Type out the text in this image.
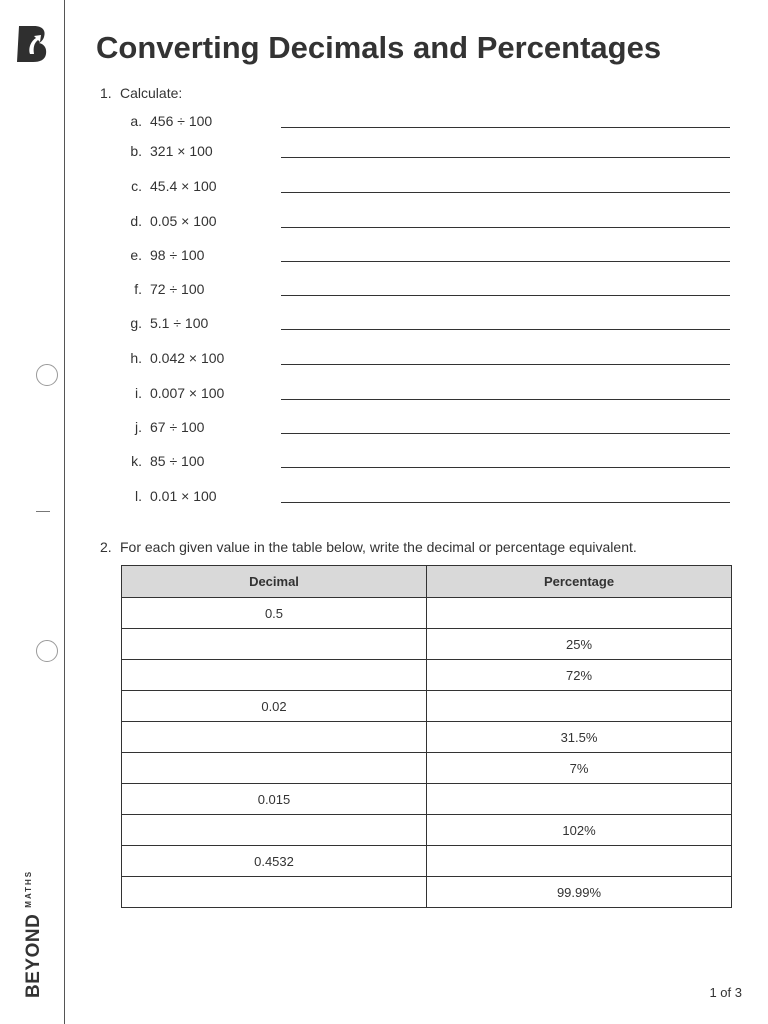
$BEYOND^{MATHS}$
Converting Decimals and Percentages
1. Calculate:
a. 456 ÷ 100
b. 321 × 100
c. 45.4 × 100
d. 0.05 × 100
e. 98 ÷ 100
f. 72 ÷ 100
g. 5.1 ÷ 100
h. 0.042 × 100
i. 0.007 × 100
j. 67 ÷ 100
k. 85 ÷ 100
l. 0.01 × 100
2. For each given value in the table below, write the decimal or percentage equivalent.
Decimal	Percentage
0.5	
	25%
	72%
0.02	
	31.5%
	7%
0.015	
	102%
0.4532	
	99.99%
1 of 3
